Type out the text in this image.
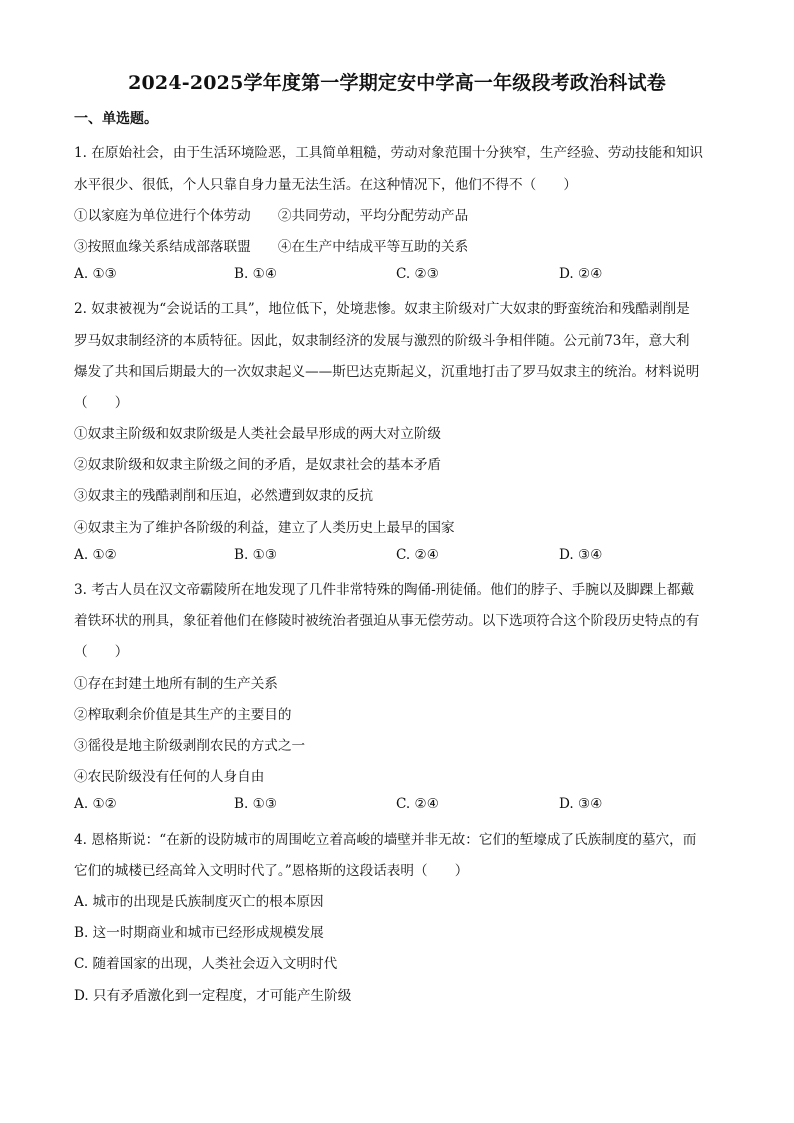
2024-2025学年度第一学期定安中学高一年级段考政治科试卷
一、单选题。
1. 在原始社会，由于生活环境险恶，工具简单粗糙，劳动对象范围十分狭窄，生产经验、劳动技能和知识
水平很少、很低，个人只靠自身力量无法生活。在这种情况下，他们不得不（　　）
①以家庭为单位进行个体劳动　　②共同劳动，平均分配劳动产品
③按照血缘关系结成部落联盟　　④在生产中结成平等互助的关系
A. ①③	B. ①④	C. ②③	D. ②④
2. 奴隶被视为“会说话的工具”，地位低下，处境悲惨。奴隶主阶级对广大奴隶的野蛮统治和残酷剥削是
罗马奴隶制经济的本质特征。因此，奴隶制经济的发展与激烈的阶级斗争相伴随。公元前73年，意大利
爆发了共和国后期最大的一次奴隶起义——斯巴达克斯起义，沉重地打击了罗马奴隶主的统治。材料说明
（　　）
①奴隶主阶级和奴隶阶级是人类社会最早形成的两大对立阶级
②奴隶阶级和奴隶主阶级之间的矛盾，是奴隶社会的基本矛盾
③奴隶主的残酷剥削和压迫，必然遭到奴隶的反抗
④奴隶主为了维护各阶级的利益，建立了人类历史上最早的国家
A. ①②	B. ①③	C. ②④	D. ③④
3. 考古人员在汉文帝霸陵所在地发现了几件非常特殊的陶俑-刑徒俑。他们的脖子、手腕以及脚踝上都戴
着铁环状的刑具，象征着他们在修陵时被统治者强迫从事无偿劳动。以下选项符合这个阶段历史特点的有
（　　）
①存在封建土地所有制的生产关系
②榨取剩余价值是其生产的主要目的
③徭役是地主阶级剥削农民的方式之一
④农民阶级没有任何的人身自由
A. ①②	B. ①③	C. ②④	D. ③④
4. 恩格斯说：“在新的设防城市的周围屹立着高峻的墙壁并非无故：它们的堑壕成了氏族制度的墓穴，而
它们的城楼已经高耸入文明时代了。”恩格斯的这段话表明（　　）
A. 城市的出现是氏族制度灭亡的根本原因
B. 这一时期商业和城市已经形成规模发展
C. 随着国家的出现，人类社会迈入文明时代
D. 只有矛盾激化到一定程度，才可能产生阶级
